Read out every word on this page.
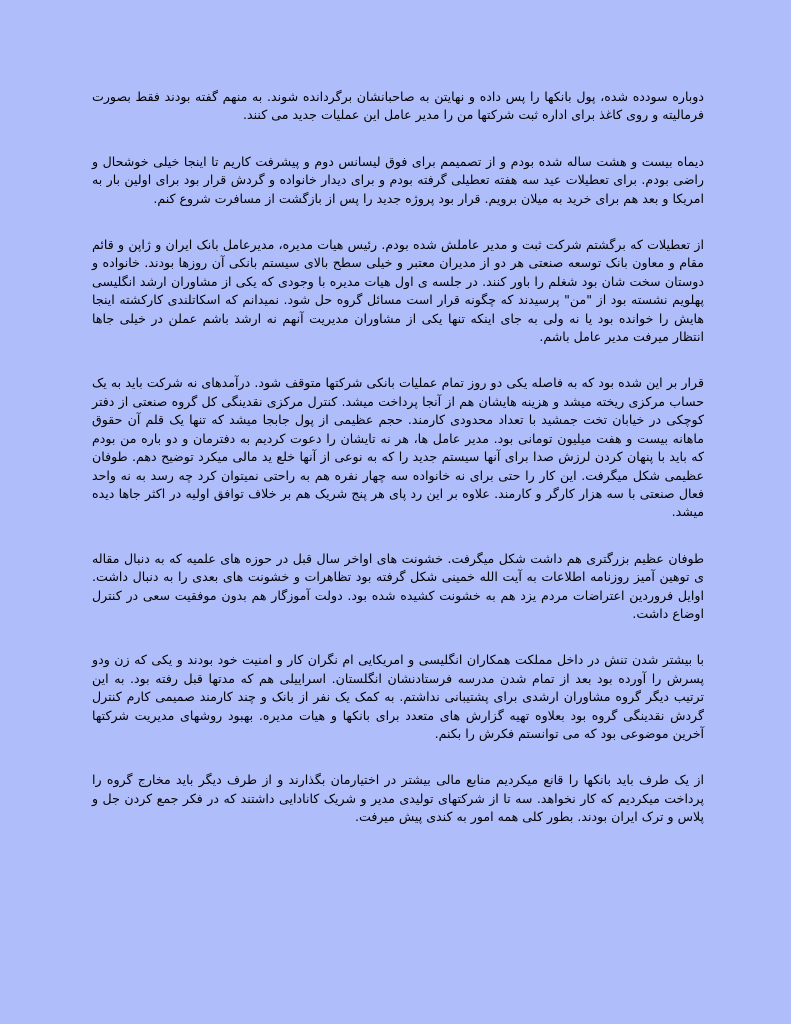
دوباره سودده شده، پول بانکها را پس داده و نهایتن به صاحبانشان برگردانده شوند. به منهم گفته بودند فقط بصورت فرمالیته و روی کاغذ برای اداره ثبت شرکتها من را مدیر عامل این عملیات جدید می کنند.

دیماه بیست و هشت ساله شده بودم و از تصمیمم برای فوق لیسانس دوم و پیشرفت کاریم تا اینجا خیلی خوشحال و راضی بودم. برای تعطیلات عید سه هفته تعطیلی گرفته بودم و برای دیدار خانواده و گردش قرار بود برای اولین بار به امریکا و بعد هم برای خرید به میلان برویم. قرار بود پروژه جدید را پس از بازگشت از مسافرت شروع کنم.

از تعطیلات که برگشتم شرکت ثبت و مدیر عاملش شده بودم. رئیس هیات مدیره، مدیرعامل بانک ایران و ژاپن و قائم مقام و معاون بانک توسعه صنعتی هر دو از مدیران معتبر و خیلی سطح بالای سیستم بانکی آن روزها بودند. خانواده و دوستان سخت شان بود شغلم را باور کنند. در جلسه ی اول هیات مدیره با وجودی که یکی از مشاوران ارشد انگلیسی پهلویم نشسته بود از "من" پرسیدند که چگونه قرار است مسائل گروه حل شود. نمیدانم که اسکاتلندی کارکشته اینجا هایش را خوانده بود یا نه ولی به جای اینکه تنها یکی از مشاوران مدیریت آنهم نه ارشد باشم عملن در خیلی جاها انتظار میرفت مدیر عامل باشم.

قرار بر این شده بود که به فاصله یکی دو روز تمام عملیات بانکی شرکتها متوقف شود. درآمدهای نه شرکت باید به یک حساب مرکزی ریخته میشد و هزینه هایشان هم از آنجا پرداخت میشد. کنترل مرکزی نقدینگی کل گروه صنعتی از دفتر کوچکی در خیابان تخت جمشید با تعداد محدودی کارمند. حجم عظیمی از پول جابجا میشد که تنها یک قلم آن حقوق ماهانه بیست و هفت میلیون تومانی بود. مدیر عامل ها، هر نه تایشان را دعوت کردیم به دفترمان و دو باره من بودم که باید با پنهان کردن لرزش صدا برای آنها سیستم جدید را که به نوعی از آنها خلع ید مالی میکرد توضیح دهم. طوفان عظیمی شکل میگرفت. این کار را حتی برای نه خانواده سه چهار نفره هم به راحتی نمیتوان کرد چه رسد به نه واحد فعال صنعتی با سه هزار کارگر و کارمند. علاوه بر این رد پای هر پنج شریک هم بر خلاف توافق اولیه در اکثر جاها دیده میشد.

طوفان عظیم بزرگتری هم داشت شکل میگرفت. خشونت های اواخر سال قبل در حوزه های علمیه که به دنبال مقاله ی توهین آمیز روزنامه اطلاعات به آیت الله خمینی شکل گرفته بود تظاهرات و خشونت های بعدی را به دنبال داشت. اوایل فروردین اعتراضات مردم یزد هم به خشونت کشیده شده بود. دولت آموزگار هم بدون موفقیت سعی در کنترل اوضاع داشت.

با بیشتر شدن تنش در داخل مملکت همکاران انگلیسی و امریکایی ام نگران کار و امنیت خود بودند و یکی که زن ودو پسرش را آورده بود بعد از تمام شدن مدرسه فرستادنشان انگلستان. اسراییلی هم که مدتها قبل رفته بود. به این ترتیب دیگر گروه مشاوران ارشدی برای پشتیبانی نداشتم. به کمک یک نفر از بانک و چند کارمند صمیمی کارم کنترل گردش نقدینگی گروه بود بعلاوه تهیه گزارش های متعدد برای بانکها و هیات مدیره. بهبود روشهای مدیریت شرکتها آخرین موضوعی بود که می توانستم فکرش را بکنم.

از یک طرف باید بانکها را قانع میکردیم منابع مالی بیشتر در اختیارمان بگذارند و از طرف دیگر باید مخارج گروه را پرداخت میکردیم که کار نخواهد. سه تا از شرکتهای تولیدی مدیر و شریک کانادایی داشتند که در فکر جمع کردن جل و پلاس و ترک ایران بودند. بطور کلی همه امور به کندی پیش میرفت.
